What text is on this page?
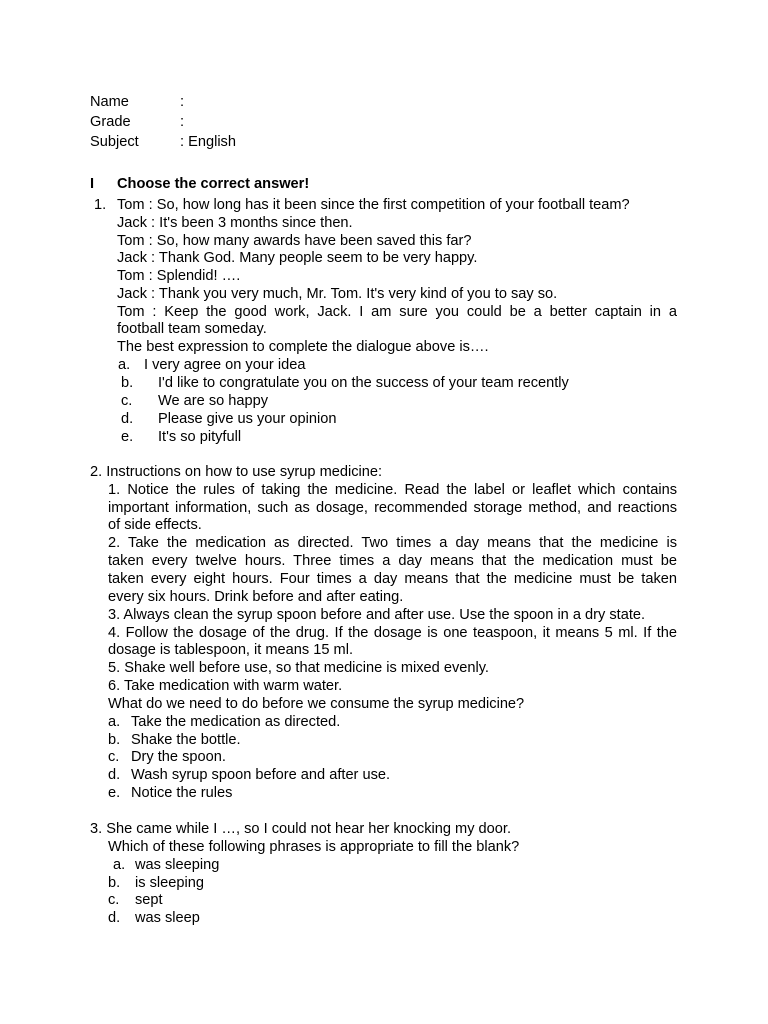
Name	:
Grade	:
Subject	: English
I Choose the correct answer!
1. Tom : So, how long has it been since the first competition of your football team?
Jack : It's been 3 months since then.
Tom : So, how many awards have been saved this far?
Jack : Thank God. Many people seem to be very happy.
Tom : Splendid! ….
Jack : Thank you very much, Mr. Tom. It's very kind of you to say so.
Tom : Keep the good work, Jack. I am sure you could be a better captain in a
football team someday.
The best expression to complete the dialogue above is….
a. I very agree on your idea
b. I'd like to congratulate you on the success of your team recently
c. We are so happy
d. Please give us your opinion
e. It's so pityfull
2. Instructions on how to use syrup medicine:
1. Notice the rules of taking the medicine. Read the label or leaflet which contains
important information, such as dosage, recommended storage method, and reactions
of side effects.
2. Take the medication as directed. Two times a day means that the medicine is
taken every twelve hours. Three times a day means that the medication must be
taken every eight hours. Four times a day means that the medicine must be taken
every six hours. Drink before and after eating.
3. Always clean the syrup spoon before and after use. Use the spoon in a dry state.
4. Follow the dosage of the drug. If the dosage is one teaspoon, it means 5 ml. If the
dosage is tablespoon, it means 15 ml.
5. Shake well before use, so that medicine is mixed evenly.
6. Take medication with warm water.
What do we need to do before we consume the syrup medicine?
a. Take the medication as directed.
b. Shake the bottle.
c. Dry the spoon.
d. Wash syrup spoon before and after use.
e. Notice the rules
3. She came while I …, so I could not hear her knocking my door.
Which of these following phrases is appropriate to fill the blank?
a. was sleeping
b. is sleeping
c. sept
d. was sleep
